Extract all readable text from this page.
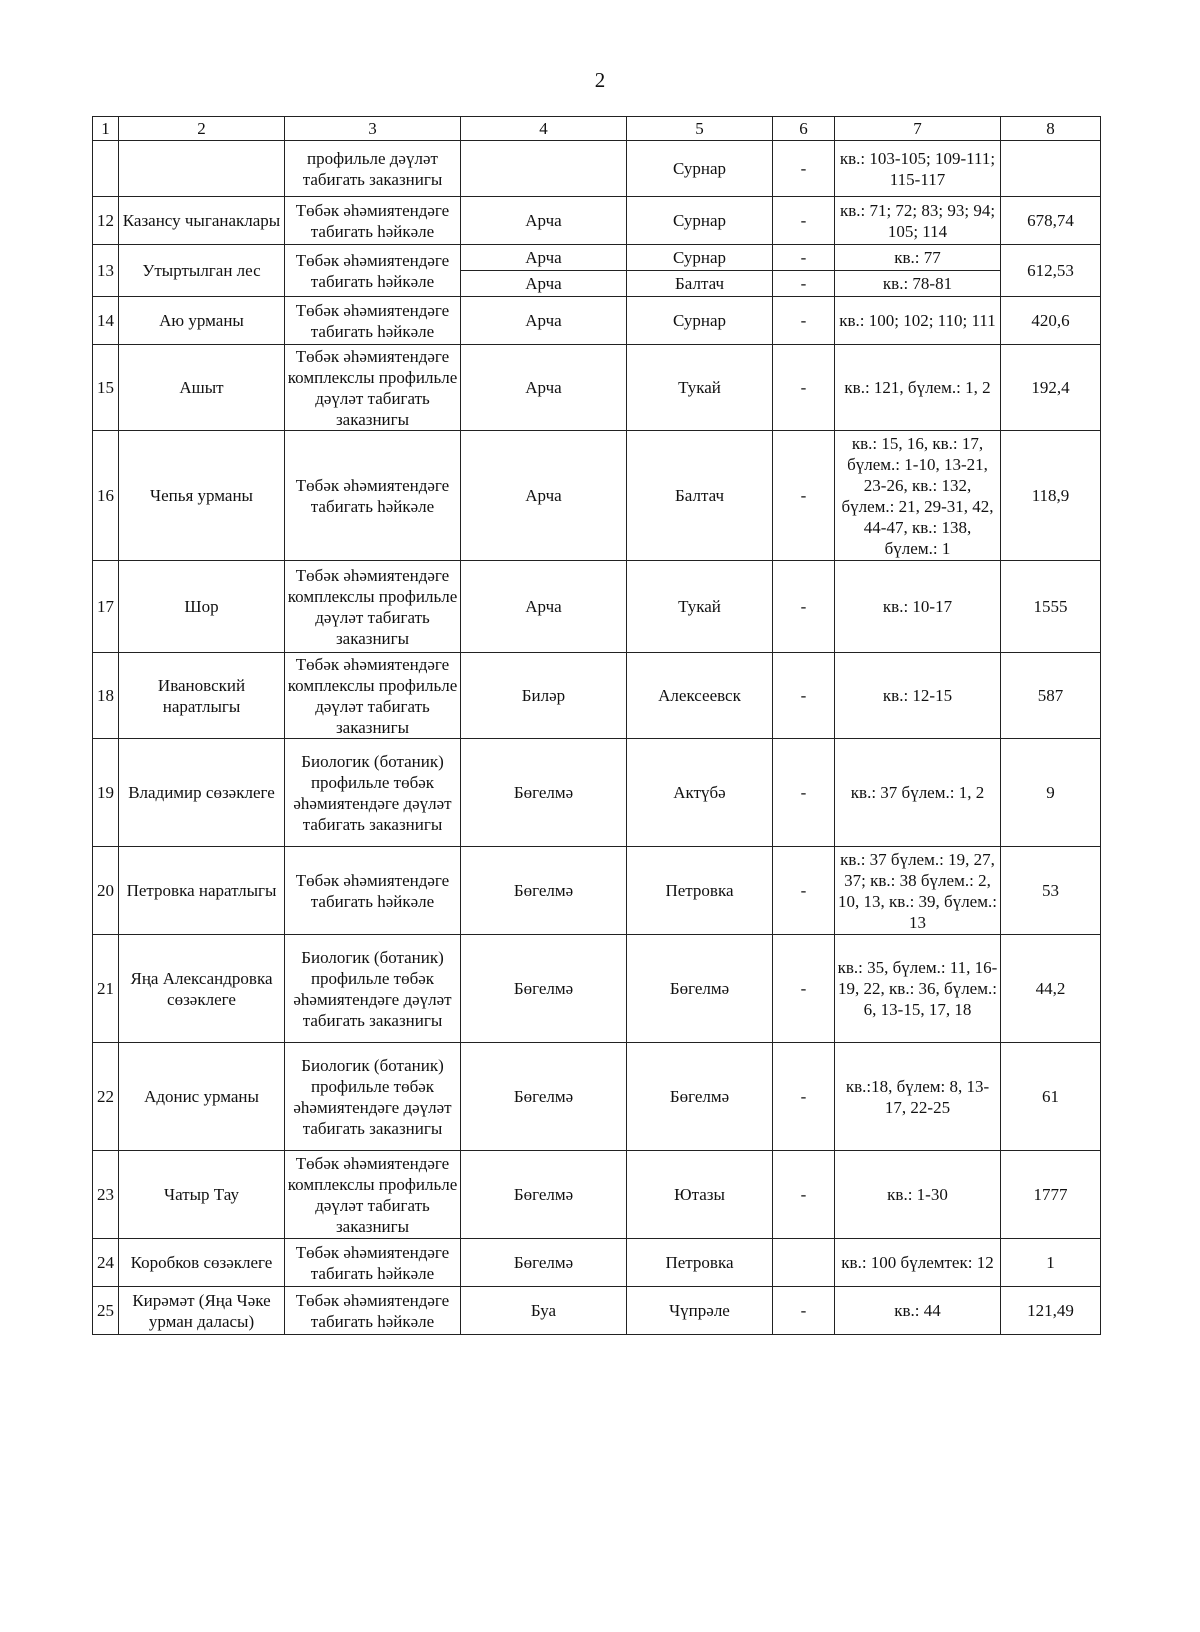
2
1	2	3	4	5	6	7	8
		профильле дәүләт табигать заказнигы		Сурнар	-	кв.: 103-105; 109-111; 115-117	
12	Казансу чыганаклары	Төбәк әһәмиятендәге табигать һәйкәле	Арча	Сурнар	-	кв.: 71; 72; 83; 93; 94; 105; 114	678,74
13	Утыртылган лес	Төбәк әһәмиятендәге табигать һәйкәле	Арча	Сурнар	-	кв.: 77	612,53
			Арча	Балтач	-	кв.: 78-81	
14	Аю урманы	Төбәк әһәмиятендәге табигать һәйкәле	Арча	Сурнар	-	кв.: 100; 102; 110; 111	420,6
15	Ашыт	Төбәк әһәмиятендәге комплекслы профильле дәүләт табигать заказнигы	Арча	Тукай	-	кв.: 121, бүлем.: 1, 2	192,4
16	Чепья урманы	Төбәк әһәмиятендәге табигать һәйкәле	Арча	Балтач	-	кв.: 15, 16, кв.: 17, бүлем.: 1-10, 13-21, 23-26, кв.: 132, бүлем.: 21, 29-31, 42, 44-47, кв.: 138, бүлем.: 1	118,9
17	Шор	Төбәк әһәмиятендәге комплекслы профильле дәүләт табигать заказнигы	Арча	Тукай	-	кв.: 10-17	1555
18	Ивановский наратлыгы	Төбәк әһәмиятендәге комплекслы профильле дәүләт табигать заказнигы	Биләр	Алексеевск	-	кв.: 12-15	587
19	Владимир сөзәклеге	Биологик (ботаник) профильле төбәк әһәмиятендәге дәүләт табигать заказнигы	Бөгелмә	Актүбә	-	кв.: 37 бүлем.: 1, 2	9
20	Петровка наратлыгы	Төбәк әһәмиятендәге табигать һәйкәле	Бөгелмә	Петровка	-	кв.: 37 бүлем.: 19, 27, 37; кв.: 38 бүлем.: 2, 10, 13, кв.: 39, бүлем.: 13	53
21	Яңа Александровка сөзәклеге	Биологик (ботаник) профильле төбәк әһәмиятендәге дәүләт табигать заказнигы	Бөгелмә	Бөгелмә	-	кв.: 35, бүлем.: 11, 16-19, 22, кв.: 36, бүлем.: 6, 13-15, 17, 18	44,2
22	Адонис урманы	Биологик (ботаник) профильле төбәк әһәмиятендәге дәүләт табигать заказнигы	Бөгелмә	Бөгелмә	-	кв.:18, бүлем: 8, 13-17, 22-25	61
23	Чатыр Тау	Төбәк әһәмиятендәге комплекслы профильле дәүләт табигать заказнигы	Бөгелмә	Ютазы	-	кв.: 1-30	1777
24	Коробков сөзәклеге	Төбәк әһәмиятендәге табигать һәйкәле	Бөгелмә	Петровка		кв.: 100 бүлемтек: 12	1
25	Кирәмәт (Яңа Чәке урман даласы)	Төбәк әһәмиятендәге табигать һәйкәле	Буа	Чүпрәле	-	кв.: 44	121,49
